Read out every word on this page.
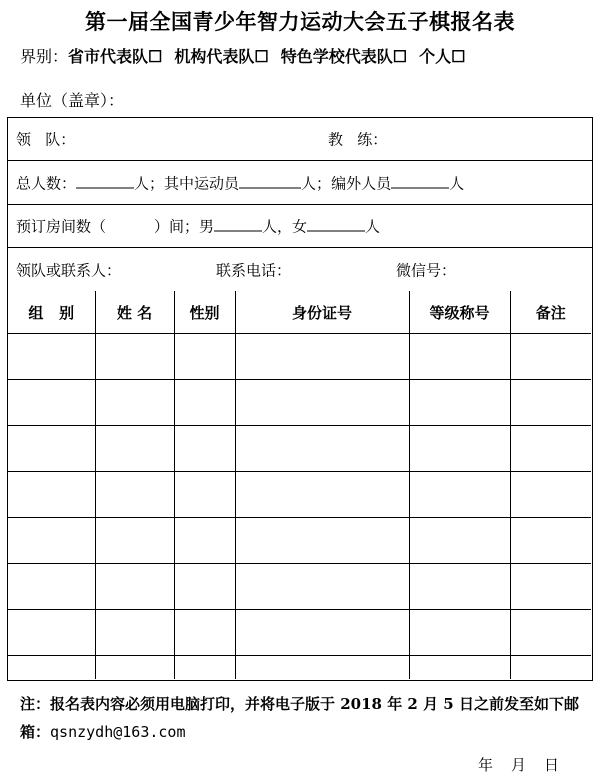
第一届全国青少年智力运动大会五子棋报名表
界别：省市代表队☐ 机构代表队☐ 特色学校代表队☐ 个人☐
单位（盖章）：
领   队：	教   练：
总人数：	人；其中运动员	人；编外人员	人
预订房间数（	）间；男	人，女	人
领队或联系人：	联系电话：	微信号：
组   别	姓 名	性别	身份证号	等级称号	备注

注：报名表内容必须用电脑打印，并将电子版于 2018 年 2 月 5 日之前发至如下邮箱：qsnzydh@163.com
年 月 日
